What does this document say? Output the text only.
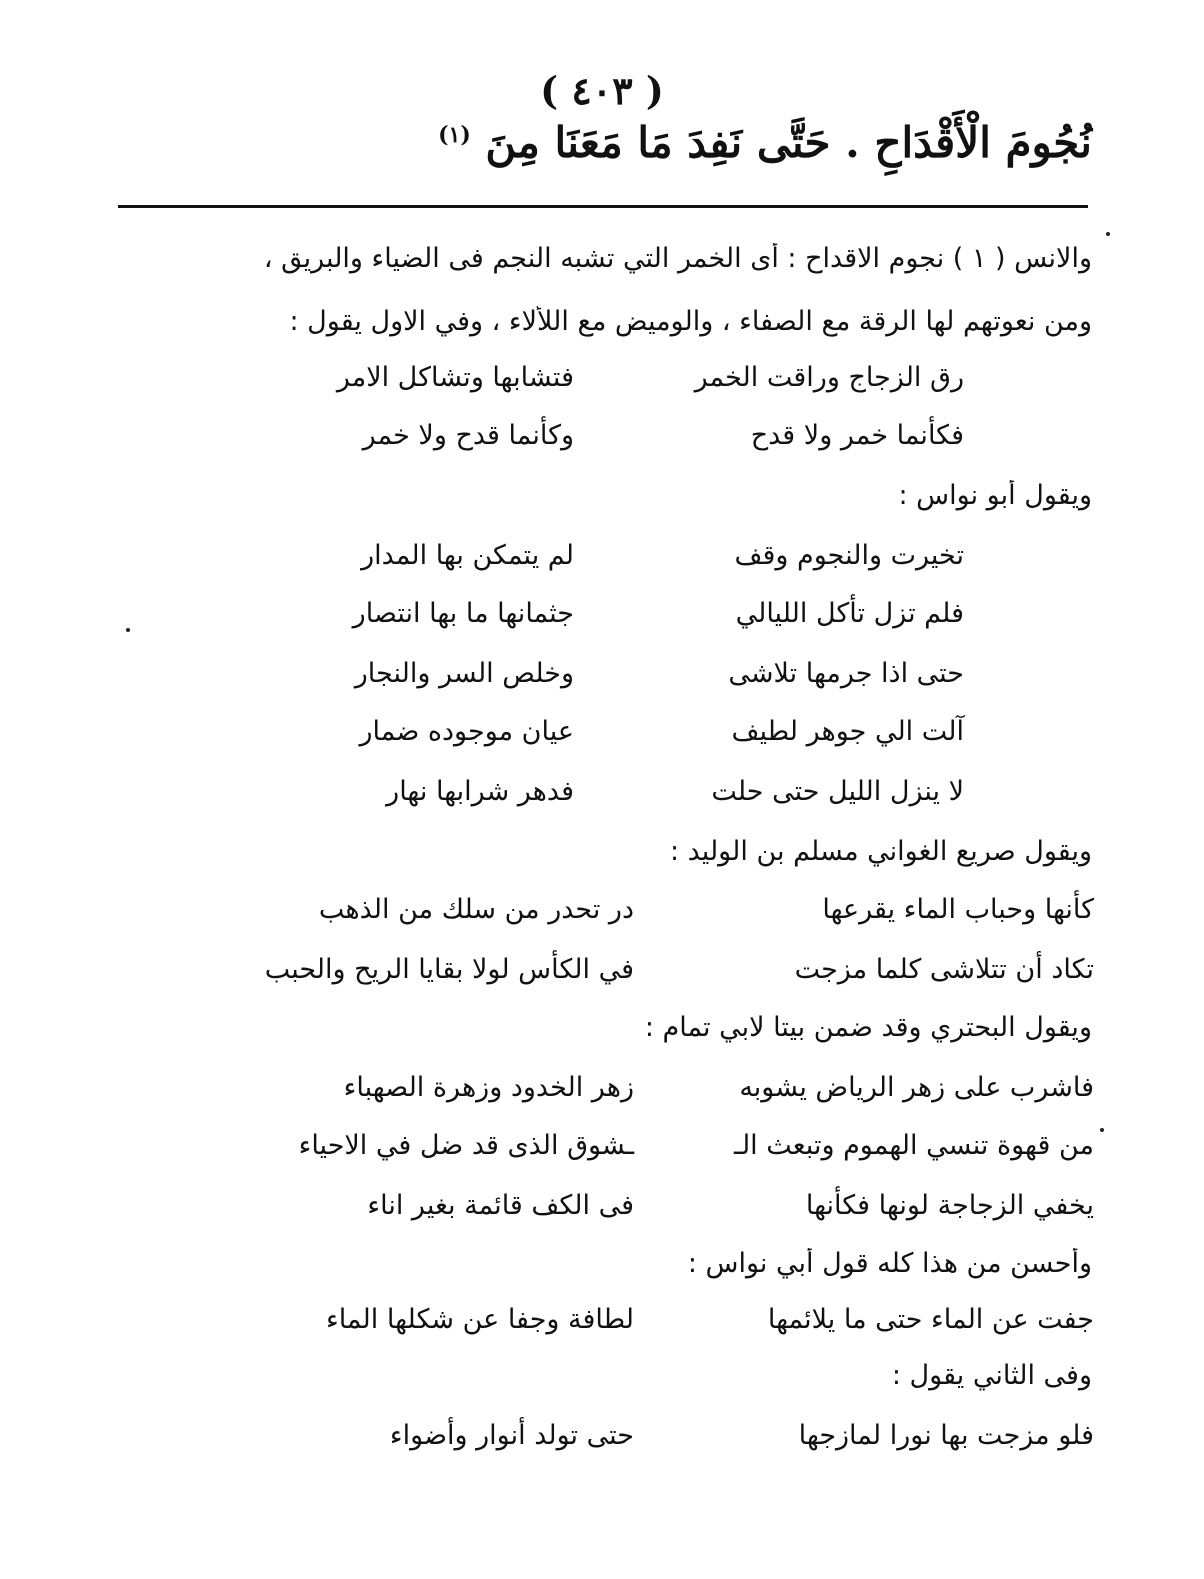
( ٤٠٣ )
نُجُومَ الْأَقْدَاحِ . حَتَّى نَفِدَ مَا مَعَنَا مِنَ $^{(١)}$
والانس ( ١ ) نجوم الاقداح : أى الخمر التي تشبه النجم فى الضياء والبريق ،
ومن نعوتهم لها الرقة مع الصفاء ، والوميض مع اللألاء ، وفي الاول يقول :
رق الزجاج وراقت الخمر
فتشابها وتشاكل الامر
فكأنما خمر ولا قدح
وكأنما قدح ولا خمر
ويقول أبو نواس :
تخيرت والنجوم وقف
لم يتمكن بها المدار
فلم تزل تأكل الليالي
جثمانها ما بها انتصار
حتى اذا جرمها تلاشى
وخلص السر والنجار
آلت الي جوهر لطيف
عيان موجوده ضمار
لا ينزل الليل حتى حلت
فدهر شرابها نهار
ويقول صريع الغواني مسلم بن الوليد :
كأنها وحباب الماء يقرعها
در تحدر من سلك من الذهب
تكاد أن تتلاشى كلما مزجت
في الكأس لولا بقايا الريح والحبب
ويقول البحتري وقد ضمن بيتا لابي تمام :
فاشرب على زهر الرياض يشوبه
زهر الخدود وزهرة الصهباء
من قهوة تنسي الهموم وتبعث الـ
ـشوق الذى قد ضل في الاحياء
يخفي الزجاجة لونها فكأنها
فى الكف قائمة بغير اناء
وأحسن من هذا كله قول أبي نواس :
جفت عن الماء حتى ما يلائمها
لطافة وجفا عن شكلها الماء
وفى الثاني يقول :
فلو مزجت بها نورا لمازجها
حتى تولد أنوار وأضواء
